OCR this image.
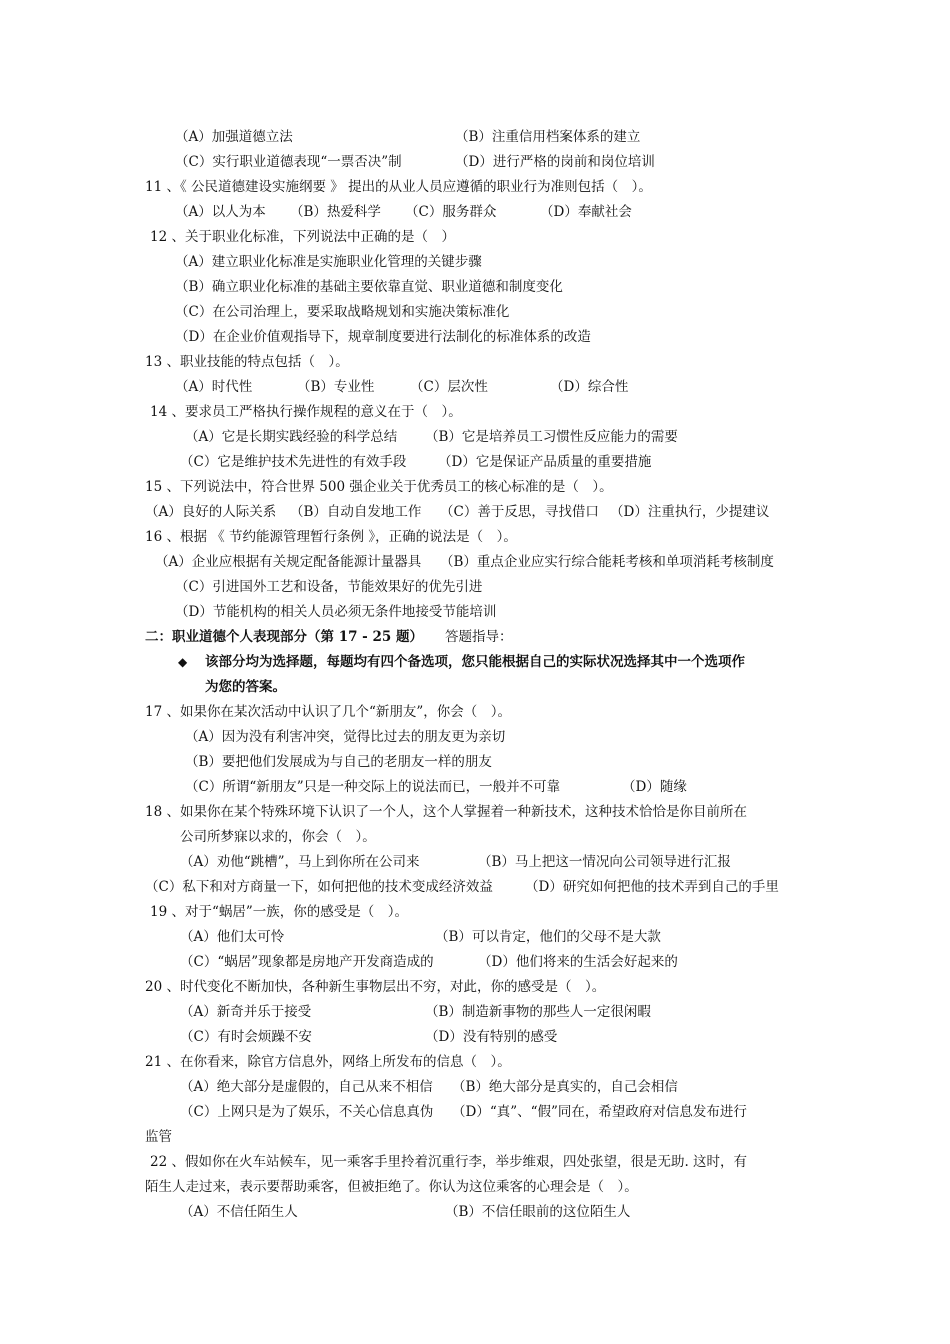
（A）加强道德立法	（B）注重信用档案体系的建立
（C）实行职业道德表现“一票否决”制	（D）进行严格的岗前和岗位培训
11 、《 公民道德建设实施纲要 》 提出的从业人员应遵循的职业行为准则包括（　）。
（A）以人为本 （B）热爱科学 （C）服务群众	（D）奉献社会
12 、关于职业化标准，下列说法中正确的是（　）
（A）建立职业化标准是实施职业化管理的关键步骤
（B）确立职业化标准的基础主要依靠直觉、职业道德和制度变化
（C）在公司治理上，要采取战略规划和实施决策标准化
（D）在企业价值观指导下，规章制度要进行法制化的标准体系的改造
13 、职业技能的特点包括（　）。
（A）时代性	（B）专业性	（C）层次性	（D）综合性
14 、要求员工严格执行操作规程的意义在于（　）。
（A）它是长期实践经验的科学总结 （B）它是培养员工习惯性反应能力的需要
（C）它是维护技术先进性的有效手段 （D）它是保证产品质量的重要措施
15 、下列说法中，符合世界 500 强企业关于优秀员工的核心标准的是（　）。
（A）良好的人际关系 （B）自动自发地工作 （C）善于反思，寻找借口 （D）注重执行，少提建议
16 、根据 《 节约能源管理暂行条例 》，正确的说法是（　）。
（A）企业应根据有关规定配备能源计量器具 （B）重点企业应实行综合能耗考核和单项消耗考核制度
（C）引进国外工艺和设备，节能效果好的优先引进
（D）节能机构的相关人员必须无条件地接受节能培训
二：职业道德个人表现部分（第 17 - 25 题） 答题指导：
◆ 该部分均为选择题，每题均有四个备选项，您只能根据自己的实际状况选择其中一个选项作
为您的答案。
17 、如果你在某次活动中认识了几个“新朋友”，你会（　）。
（A）因为没有利害冲突，觉得比过去的朋友更为亲切
（B）要把他们发展成为与自己的老朋友一样的朋友
（C）所谓“新朋友”只是一种交际上的说法而已，一般并不可靠	（D）随缘
18 、如果你在某个特殊环境下认识了一个人，这个人掌握着一种新技术，这种技术恰恰是你目前所在
公司所梦寐以求的，你会（　）。
（A）劝他“跳槽”，马上到你所在公司来	（B）马上把这一情况向公司领导进行汇报
（C）私下和对方商量一下，如何把他的技术变成经济效益 （D）研究如何把他的技术弄到自己的手里
19 、对于“蜗居”一族，你的感受是（　）。
（A）他们太可怜	（B）可以肯定，他们的父母不是大款
（C）“蜗居”现象都是房地产开发商造成的	（D）他们将来的生活会好起来的
20 、时代变化不断加快，各种新生事物层出不穷，对此，你的感受是（　）。
（A）新奇并乐于接受	（B）制造新事物的那些人一定很闲暇
（C）有时会烦躁不安	（D）没有特别的感受
21 、在你看来，除官方信息外，网络上所发布的信息（　）。
（A）绝大部分是虚假的，自己从来不相信 （B）绝大部分是真实的，自己会相信
（C）上网只是为了娱乐，不关心信息真伪 （D）“真”、“假”同在，希望政府对信息发布进行
监管
22 、假如你在火车站候车，见一乘客手里拎着沉重行李，举步维艰，四处张望，很是无助. 这时，有
陌生人走过来，表示要帮助乘客，但被拒绝了。你认为这位乘客的心理会是（　）。
（A）不信任陌生人	（B）不信任眼前的这位陌生人
